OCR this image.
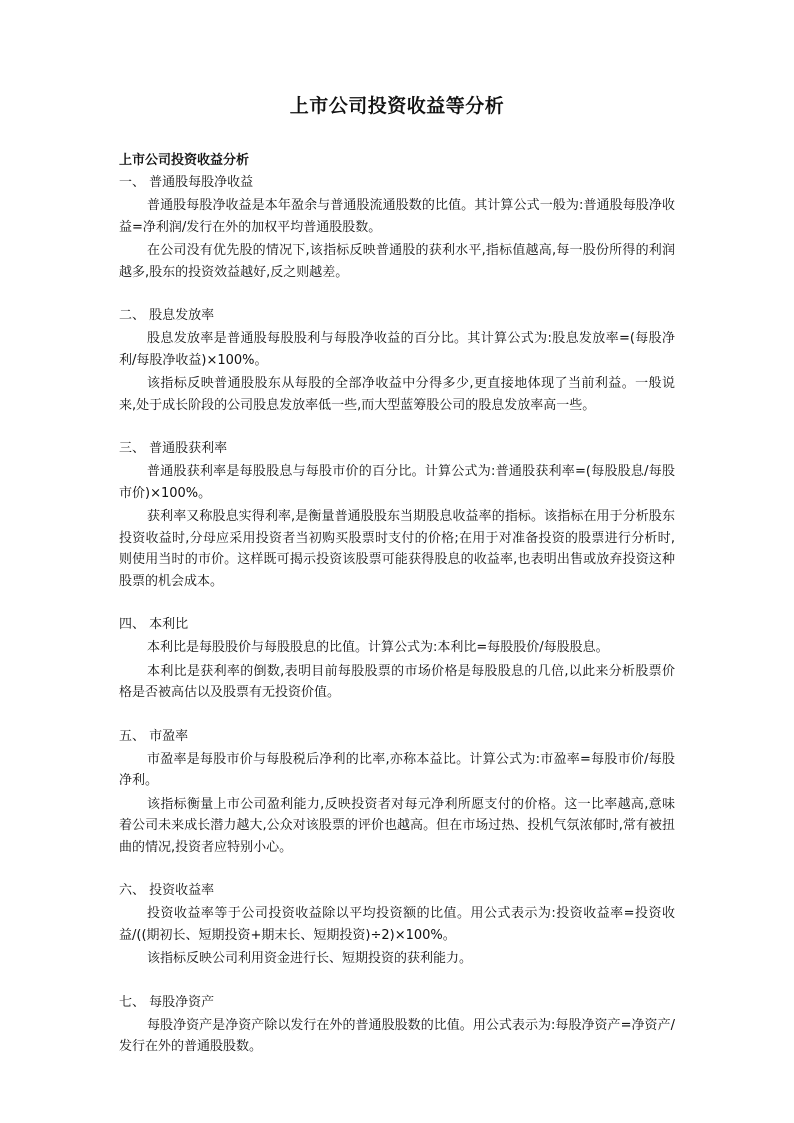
上市公司投资收益等分析

上市公司投资收益分析

一、 普通股每股净收益

普通股每股净收益是本年盈余与普通股流通股数的比值。其计算公式一般为:普通股每股净收益=净利润/发行在外的加权平均普通股股数。

在公司没有优先股的情况下,该指标反映普通股的获利水平,指标值越高,每一股份所得的利润越多,股东的投资效益越好,反之则越差。

二、 股息发放率

股息发放率是普通股每股股利与每股净收益的百分比。其计算公式为:股息发放率=(每股净利/每股净收益)×100%。

该指标反映普通股股东从每股的全部净收益中分得多少,更直接地体现了当前利益。一般说来,处于成长阶段的公司股息发放率低一些,而大型蓝筹股公司的股息发放率高一些。

三、 普通股获利率

普通股获利率是每股股息与每股市价的百分比。计算公式为:普通股获利率=(每股股息/每股市价)×100%。

获利率又称股息实得利率,是衡量普通股股东当期股息收益率的指标。该指标在用于分析股东投资收益时,分母应采用投资者当初购买股票时支付的价格;在用于对准备投资的股票进行分析时,则使用当时的市价。这样既可揭示投资该股票可能获得股息的收益率,也表明出售或放弃投资这种股票的机会成本。

四、 本利比

本利比是每股股价与每股股息的比值。计算公式为:本利比=每股股价/每股股息。

本利比是获利率的倒数,表明目前每股股票的市场价格是每股股息的几倍,以此来分析股票价格是否被高估以及股票有无投资价值。

五、 市盈率

市盈率是每股市价与每股税后净利的比率,亦称本益比。计算公式为:市盈率=每股市价/每股净利。

该指标衡量上市公司盈利能力,反映投资者对每元净利所愿支付的价格。这一比率越高,意味着公司未来成长潜力越大,公众对该股票的评价也越高。但在市场过热、投机气氛浓郁时,常有被扭曲的情况,投资者应特别小心。

六、 投资收益率

投资收益率等于公司投资收益除以平均投资额的比值。用公式表示为:投资收益率=投资收益/((期初长、短期投资+期末长、短期投资)÷2)×100%。

该指标反映公司利用资金进行长、短期投资的获利能力。

七、 每股净资产

每股净资产是净资产除以发行在外的普通股股数的比值。用公式表示为:每股净资产=净资产/发行在外的普通股股数。
